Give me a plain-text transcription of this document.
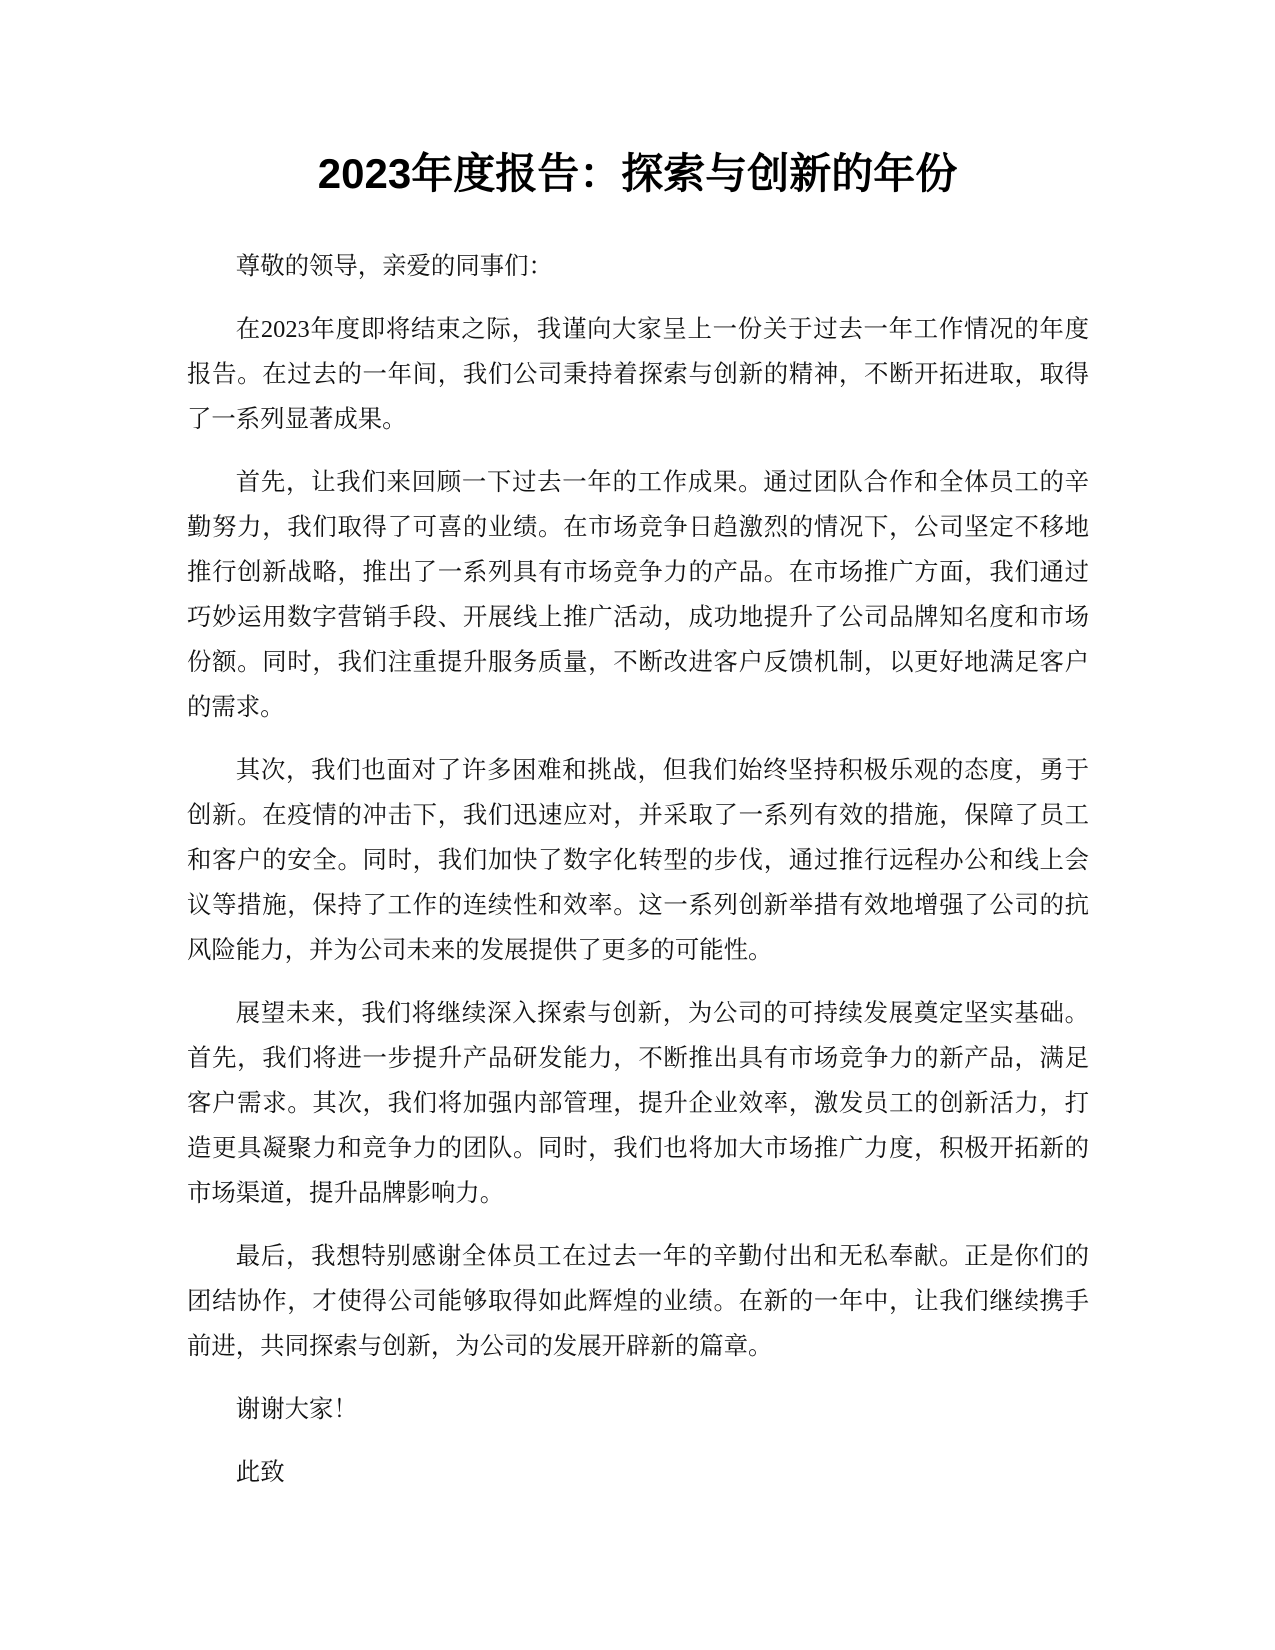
2023年度报告：探索与创新的年份

尊敬的领导，亲爱的同事们：

在2023年度即将结束之际，我谨向大家呈上一份关于过去一年工作情况的年度报告。在过去的一年间，我们公司秉持着探索与创新的精神，不断开拓进取，取得了一系列显著成果。

首先，让我们来回顾一下过去一年的工作成果。通过团队合作和全体员工的辛勤努力，我们取得了可喜的业绩。在市场竞争日趋激烈的情况下，公司坚定不移地推行创新战略，推出了一系列具有市场竞争力的产品。在市场推广方面，我们通过巧妙运用数字营销手段、开展线上推广活动，成功地提升了公司品牌知名度和市场份额。同时，我们注重提升服务质量，不断改进客户反馈机制，以更好地满足客户的需求。

其次，我们也面对了许多困难和挑战，但我们始终坚持积极乐观的态度，勇于创新。在疫情的冲击下，我们迅速应对，并采取了一系列有效的措施，保障了员工和客户的安全。同时，我们加快了数字化转型的步伐，通过推行远程办公和线上会议等措施，保持了工作的连续性和效率。这一系列创新举措有效地增强了公司的抗风险能力，并为公司未来的发展提供了更多的可能性。

展望未来，我们将继续深入探索与创新，为公司的可持续发展奠定坚实基础。首先，我们将进一步提升产品研发能力，不断推出具有市场竞争力的新产品，满足客户需求。其次，我们将加强内部管理，提升企业效率，激发员工的创新活力，打造更具凝聚力和竞争力的团队。同时，我们也将加大市场推广力度，积极开拓新的市场渠道，提升品牌影响力。

最后，我想特别感谢全体员工在过去一年的辛勤付出和无私奉献。正是你们的团结协作，才使得公司能够取得如此辉煌的业绩。在新的一年中，让我们继续携手前进，共同探索与创新，为公司的发展开辟新的篇章。

谢谢大家！

此致
